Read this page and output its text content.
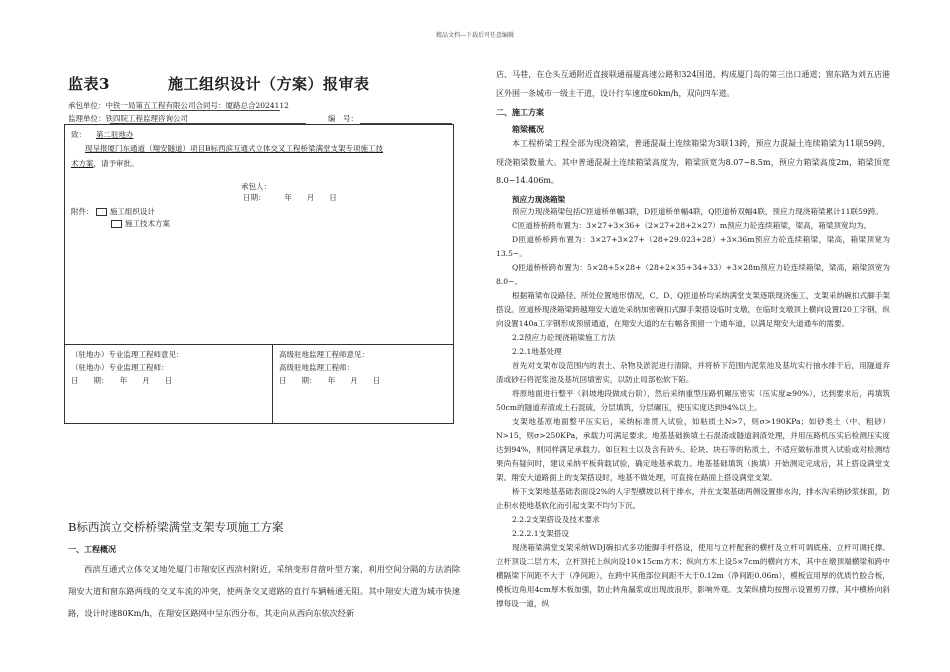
精品文档---下载后可任意编辑
监表3	施工组织设计（方案）报审表
承包单位：中铁一局第五工程有限公司合同号：厦路总合2024112
监理单位：铁四院工程监理咨询公司	编　号：
致： 第二驻地办
现呈报厦门东通道（翔安隧道）项目B标西滨互通式立体交叉工程桥梁满堂支架专项施工技
术方案，请予审批。
承包人：
日期：　　　年　　月　　日
附件： 施工组织设计
施工技术方案

（驻地办）专业监理工程师意见：
（驻地办）专业监理工程师：
日　　期：　　年　　月　　日

高级驻地监理工程师意见：
高级驻地监理工程师：
日　　期：　　年　　月　　日
B标西滨立交桥桥梁满堂支架专项施工方案
一、工程概况
西滨互通式立体交叉地处厦门市翔安区西滨村附近，采纳变形苜蓿叶型方案，利用空间分隔的方法消除翔安大道和窗东路两线的交叉车流的冲突，使两条交叉道路的直行车辆畅通无阻。其中翔安大道为城市快速路，设计时速80Km/h，在翔安区路网中呈东西分布，其走向从西向东依次经新
店、马巷，在仓头互通附近直接联通福厦高速公路和324国道，构成厦门岛的第三出口通道；窗东路为刘五店港区外围一条城市一级主干道，设计行车速度60km/h，双向四车道。
二、施工方案
箱梁概况
本工程桥梁工程全部为现浇箱梁，普通混凝土连续箱梁为3联13跨，预应力混凝土连续箱梁为11联59跨，现浇箱梁数量大。其中普通混凝土连续箱梁高度为，箱梁顶宽为8.07~8.5m，预应力箱梁高度2m，箱梁顶宽8.0~14.406m。
预应力现浇箱梁
预应力现浇箱梁包括C匝道桥单幅3联，D匝道桥单幅4联，Q匝道桥双幅4联，预应力现浇箱梁累计11联59跨。
C匝道桥桥跨布置为：3×27+3×36+（2×27+28+2×27）m预应力砼连续箱梁，梁高，箱梁顶宽均为。
D匝道桥桥跨布置为：3×27+3×27+（28+29.023+28）+3×36m预应力砼连续箱梁，梁高，箱梁顶宽为13.5~。
Q匝道桥桥跨布置为：5×28+5×28+（28+2×35+34+33）+3×28m预应力砼连续箱梁，梁高，箱梁顶宽为8.0~。
根据箱梁布设路径、所处位置地形情况，C、D、Q匝道桥均采纳满堂支架逐联现浇施工，支架采纳碗扣式脚手架搭设。匝道桥现浇箱梁跨越翔安大道处采纳加密碗扣式脚手架搭设临时支墩，在临时支墩顶上横向设置I20工字钢，纵向设置140a工字钢形成预留通道，在翔安大道的左右幅各预留一个通车道，以满足翔安大道通车的需要。
2.2预应力砼现浇箱梁施工方法
2.2.1地基处理
首先对支架布设范围内的表土、杂物及淤泥进行清除，并将桥下范围内泥浆池及基坑实行抽水排干后，用隧道弃渣或砂石将泥浆池及基坑回填密实，以防止局部松软下陷。
将原地面进行整平（斜坡地段做成台阶），然后采纳重型压路机碾压密实（压实度≥90%），达到要求后，再填筑50cm的隧道弃渣或土石混硫，分层填筑，分层碾压，使压实度达到94%以上。
支架地基原地面整平压实后，采纳标准贯入试验，如粘质土N>7，则σ>190KPa；如砂类土（中、粗砂）N>15，则σ>250KPa，承载力可满足要求。地基基础换填土石混渣或隧道洞渣处理，并用压路机压实后检测压实度达到94%，则同样满足承载力。如巨粒土以及含有砖头、砼块、块石等的粘质土，不适应做标准贯入试验或对检测结果尚有疑问时，建议采纳平板荷载试验，确定地基承载力。地基基础填筑（换填）开始测定完成后，其上搭设满堂支架。翔安大道路面上的支架搭设时，地基不做处理，可直接在路面上搭设满堂支架。
桥下支架地基基础表面设2%的人字型横坡以利于排水，并在支架基础两侧设置排水沟，排水沟采纳砂浆抹面，防止积水使地基软化而引起支架不均匀下沉。
2.2.2支架搭设及技术要求
2.2.2.1支架搭设
现浇箱梁满堂支架采纳WDJ碗扣式多功能脚手杆搭设，使用与立杆配套的横杆及立杆可调底座、立杆可调托撑。立杆顶设二层方木，立杆顶托上纵向设10×15cm方木；纵向方木上设5×7cm的横向方木，其中在墩顶端横梁和跨中横隔梁下间距不大于（净间距），在跨中其他部位间距不大于0.12m（净间距0.06m），模板宜用厚的优质竹胶合板，模板边角用4cm厚木板加强，防止转角漏浆或出现波浪形，影响外观。支架纵横均按图示设置剪刀撑，其中横桥向斜撑每设一道，纵
